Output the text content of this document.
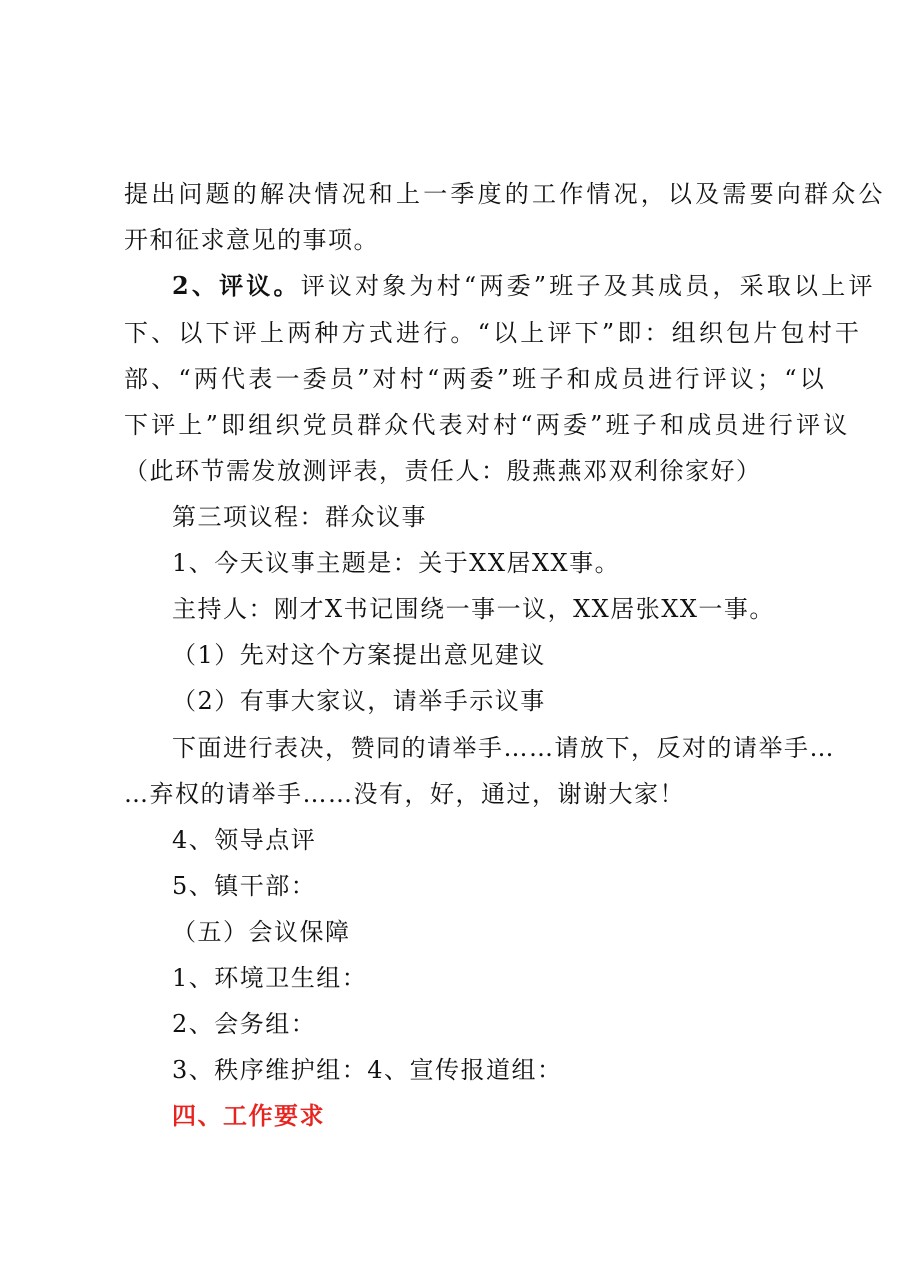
提出问题的解决情况和上一季度的工作情况，以及需要向群众公
开和征求意见的事项。
2、评议。评议对象为村“两委”班子及其成员，采取以上评
下、以下评上两种方式进行。“以上评下”即：组织包片包村干
部、“两代表一委员”对村“两委”班子和成员进行评议；“以
下评上”即组织党员群众代表对村“两委”班子和成员进行评议
（此环节需发放测评表，责任人：殷燕燕邓双利徐家好）
第三项议程：群众议事
1、今天议事主题是：关于XX居XX事。
主持人：刚才X书记围绕一事一议，XX居张XX一事。
（1）先对这个方案提出意见建议
（2）有事大家议，请举手示议事
下面进行表决，赞同的请举手……请放下，反对的请举手…
…弃权的请举手……没有，好，通过，谢谢大家！
4、领导点评
5、镇干部：
（五）会议保障
1、环境卫生组：
2、会务组：
3、秩序维护组：4、宣传报道组：
四、工作要求
